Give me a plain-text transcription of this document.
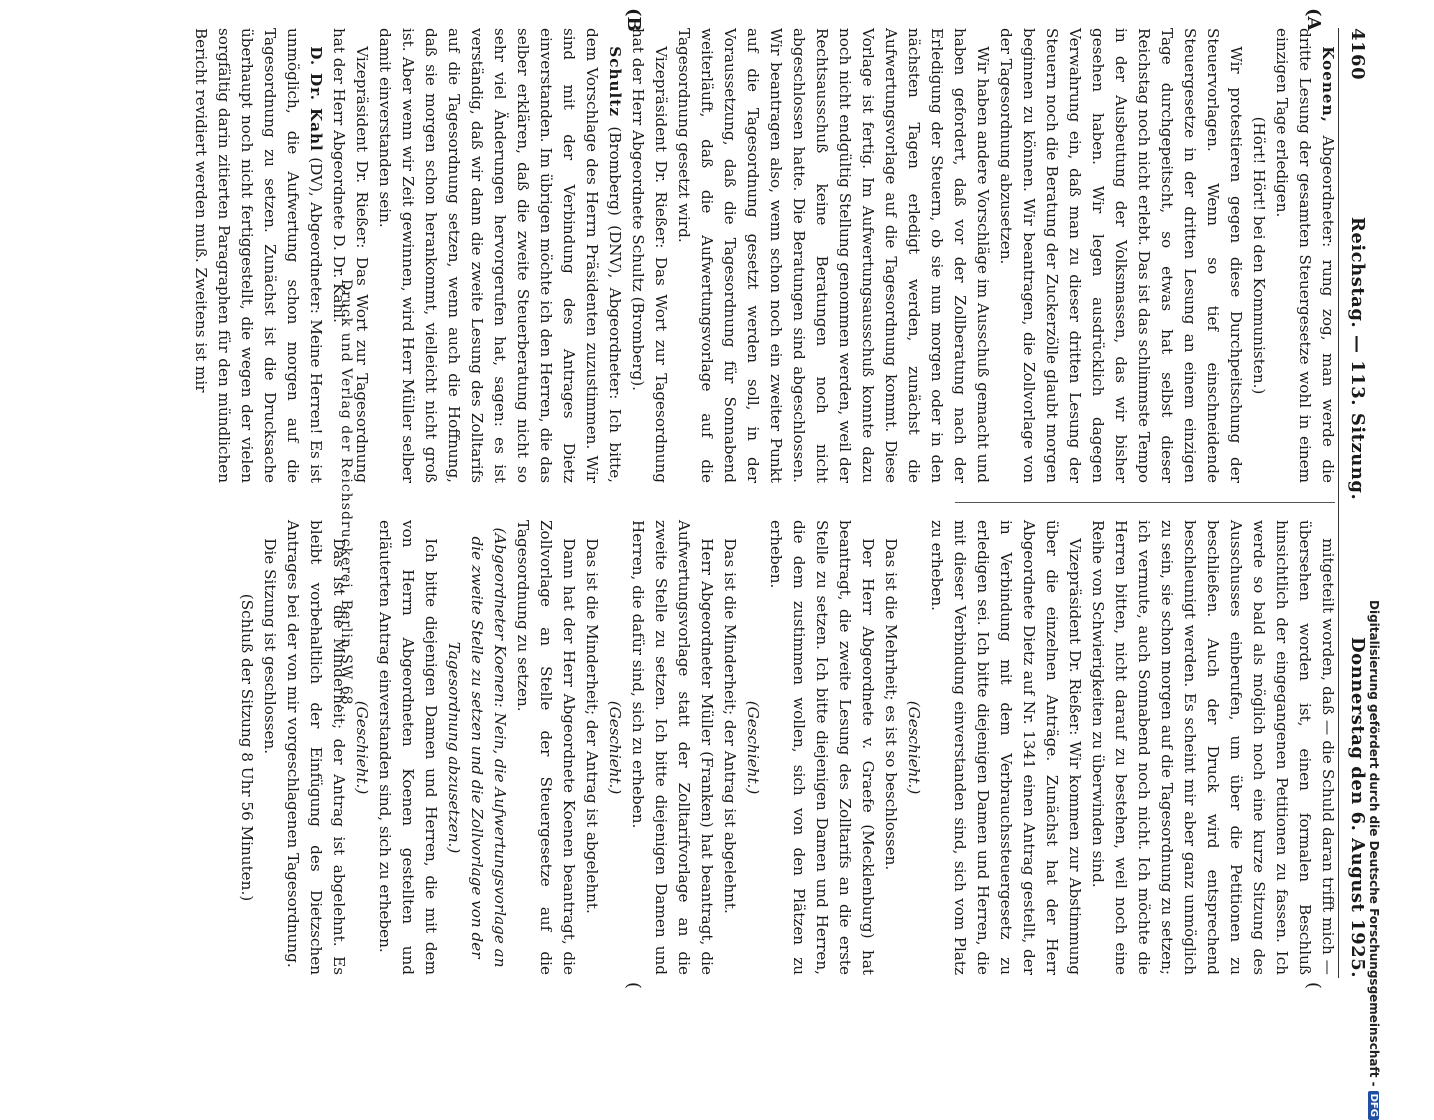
4160
Reichstag. — 113. Sitzung.
Donnerstag den 6. August 1925.
(A
(B
(
(

Koenen, Abgeordneter: rung zog, man werde die dritte Lesung der gesamten Steuergesetze wohl in einem einzigen Tage erledigen.

(Hört! Hört! bei den Kommunisten.)

Wir protestieren gegen diese Durchpeitschung der Steuervorlagen. Wenn so tief einschneidende Steuergesetze in der dritten Lesung an einem einzigen Tage durchgepeitscht, so etwas hat selbst dieser Reichstag noch nicht erlebt. Das ist das schlimmste Tempo in der Ausbeutung der Volksmassen, das wir bisher gesehen haben. Wir legen ausdrücklich dagegen Verwahrung ein, daß man zu dieser dritten Lesung der Steuern noch die Beratung der Zuckerzölle glaubt morgen beginnen zu können. Wir beantragen, die Zollvorlage von der Tagesordnung abzusetzen.

Wir haben andere Vorschläge im Ausschuß gemacht und haben gefordert, daß vor der Zollberatung nach der Erledigung der Steuern, ob sie nun morgen oder in den nächsten Tagen erledigt werden, zunächst die Aufwertungsvorlage auf die Tagesordnung kommt. Diese Vorlage ist fertig. Im Aufwertungsausschuß konnte dazu noch nicht endgültig Stellung genommen werden, weil der Rechtsausschuß keine Beratungen noch nicht abgeschlossen hatte. Die Beratungen sind abgeschlossen. Wir beantragen also, wenn schon noch ein zweiter Punkt auf die Tagesordnung gesetzt werden soll, in der Voraussetzung, daß die Tagesordnung für Sonnabend weiterläuft, daß die Aufwertungsvorlage auf die Tagesordnung gesetzt wird.

Vizepräsident Dr. Rießer: Das Wort zur Tagesordnung hat der Herr Abgeordnete Schultz (Bromberg).

Schultz (Bromberg) (DNV), Abgeordneter: Ich bitte, dem Vorschlage des Herrn Präsidenten zuzustimmen. Wir sind mit der Verbindung des Antrages Dietz einverstanden. Im übrigen möchte ich den Herren, die das selber erklären, daß die zweite Steuerberatung nicht so sehr viel Änderungen hervorgerufen hat, sagen: es ist verständig, daß wir dann die zweite Lesung des Zolltarifs auf die Tagesordnung setzen, wenn auch die Hoffnung, daß sie morgen schon herankommt, vielleicht nicht groß ist. Aber wenn wir Zeit gewinnen, wird Herr Müller selber damit einverstanden sein.

Vizepräsident Dr. Rießer: Das Wort zur Tagesordnung hat der Herr Abgeordnete D. Dr. Kahl.

D. Dr. Kahl (DV), Abgeordneter: Meine Herren! Es ist unmöglich, die Aufwertung schon morgen auf die Tagesordnung zu setzen. Zunächst ist die Drucksache überhaupt noch nicht fertiggestellt, die wegen der vielen sorgfältig darin zitierten Paragraphen für den mündlichen Bericht revidiert werden muß. Zweitens ist mir

mitgeteilt worden, daß — die Schuld daran trifft mich — übersehen worden ist, einen formalen Beschluß hinsichtlich der eingegangenen Petitionen zu fassen. Ich werde so bald als möglich noch eine kurze Sitzung des Ausschusses einberufen, um über die Petitionen zu beschließen. Auch der Druck wird entsprechend beschleunigt werden. Es scheint mir aber ganz unmöglich zu sein, sie schon morgen auf die Tagesordnung zu setzen; ich vermute, auch Sonnabend noch nicht. Ich möchte die Herren bitten, nicht darauf zu bestehen, weil noch eine Reihe von Schwierigkeiten zu überwinden sind.

Vizepräsident Dr. Rießer: Wir kommen zur Abstimmung über die einzelnen Anträge. Zunächst hat der Herr Abgeordnete Dietz auf Nr. 1341 einen Antrag gestellt, der in Verbindung mit dem Verbrauchssteuergesetz zu erledigen sei. Ich bitte diejenigen Damen und Herren, die mit dieser Verbindung einverstanden sind, sich vom Platz zu erheben.

(Geschieht.)

Das ist die Mehrheit; es ist so beschlossen.

Der Herr Abgeordnete v. Graefe (Mecklenburg) hat beantragt, die zweite Lesung des Zolltarifs an die erste Stelle zu setzen. Ich bitte diejenigen Damen und Herren, die dem zustimmen wollen, sich von den Plätzen zu erheben.

(Geschieht.)

Das ist die Minderheit; der Antrag ist abgelehnt.

Herr Abgeordneter Müller (Franken) hat beantragt, die Aufwertungsvorlage statt der Zolltarifvorlage an die zweite Stelle zu setzen. Ich bitte diejenigen Damen und Herren, die dafür sind, sich zu erheben.

(Geschieht.)

Das ist die Minderheit; der Antrag ist abgelehnt.

Dann hat der Herr Abgeordnete Koenen beantragt, die Zollvorlage an Stelle der Steuergesetze auf die Tagesordnung zu setzen.

(Abgeordneter Koenen: Nein, die Aufwertungsvorlage an die zweite Stelle zu setzen und die Zollvorlage von der Tagesordnung abzusetzen.)

Ich bitte diejenigen Damen und Herren, die mit dem von Herrn Abgeordneten Koenen gestellten und erläuterten Antrag einverstanden sind, sich zu erheben.

(Geschieht.)

Das ist die Minderheit; der Antrag ist abgelehnt. Es bleibt vorbehaltlich der Einfügung des Dietzschen Antrages bei der von mir vorgeschlagenen Tagesordnung.

Die Sitzung ist geschlossen.

(Schluß der Sitzung 8 Uhr 56 Minuten.)

Druck und Verlag der Reichsdruckerei, Berlin SW 68.
Digitalisierung gefördert durch die Deutsche Forschungsgemeinschaft -
DFG
